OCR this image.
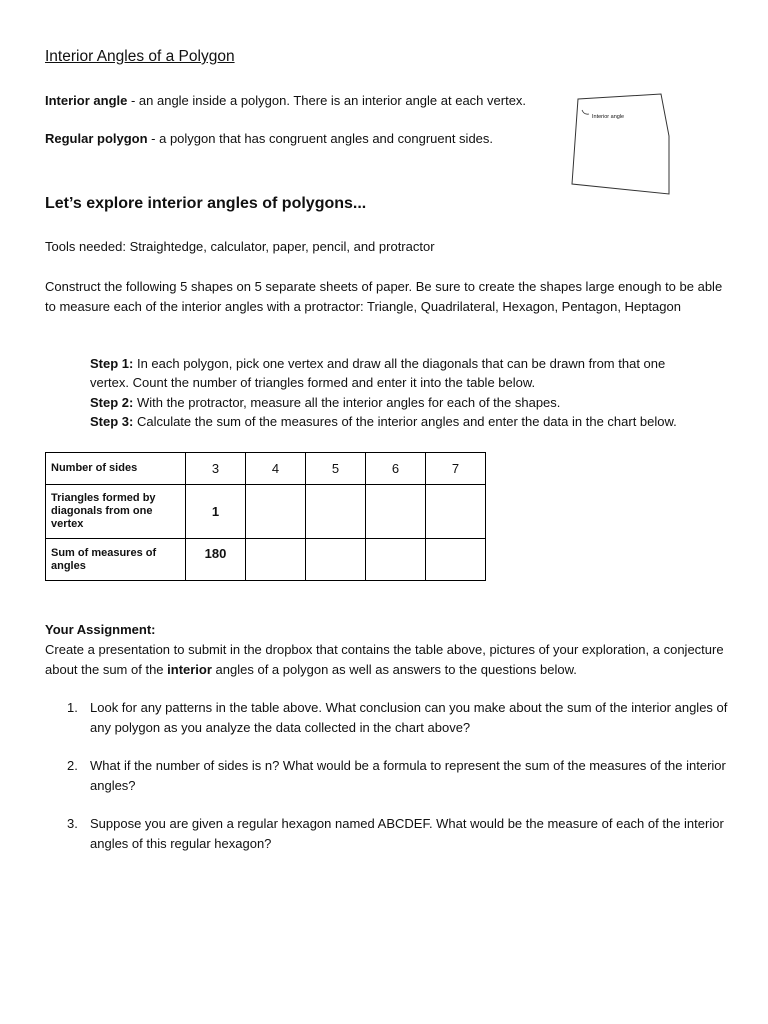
Interior Angles of a Polygon
Interior angle - an angle inside a polygon. There is an interior angle at each vertex.
Regular polygon - a polygon that has congruent angles and congruent sides.
Interior angle
Let’s explore interior angles of polygons...
Tools needed: Straightedge, calculator, paper, pencil, and protractor
Construct the following 5 shapes on 5 separate sheets of paper. Be sure to create the shapes large enough to be able to measure each of the interior angles with a protractor: Triangle, Quadrilateral, Hexagon, Pentagon, Heptagon
Step 1: In each polygon, pick one vertex and draw all the diagonals that can be drawn from that one
vertex. Count the number of triangles formed and enter it into the table below.
Step 2: With the protractor, measure all the interior angles for each of the shapes.
Step 3: Calculate the sum of the measures of the interior angles and enter the data in the chart below.
Number of sides	3	4	5	6	7
Triangles formed by diagonals from one vertex	1				
Sum of measures of angles	180				
Your Assignment:
Create a presentation to submit in the dropbox that contains the table above, pictures of your exploration, a conjecture about the sum of the interior angles of a polygon as well as answers to the questions below.
1. Look for any patterns in the table above. What conclusion can you make about the sum of the interior angles of any polygon as you analyze the data collected in the chart above?
2. What if the number of sides is n? What would be a formula to represent the sum of the measures of the interior angles?
3. Suppose you are given a regular hexagon named ABCDEF. What would be the measure of each of the interior angles of this regular hexagon?
